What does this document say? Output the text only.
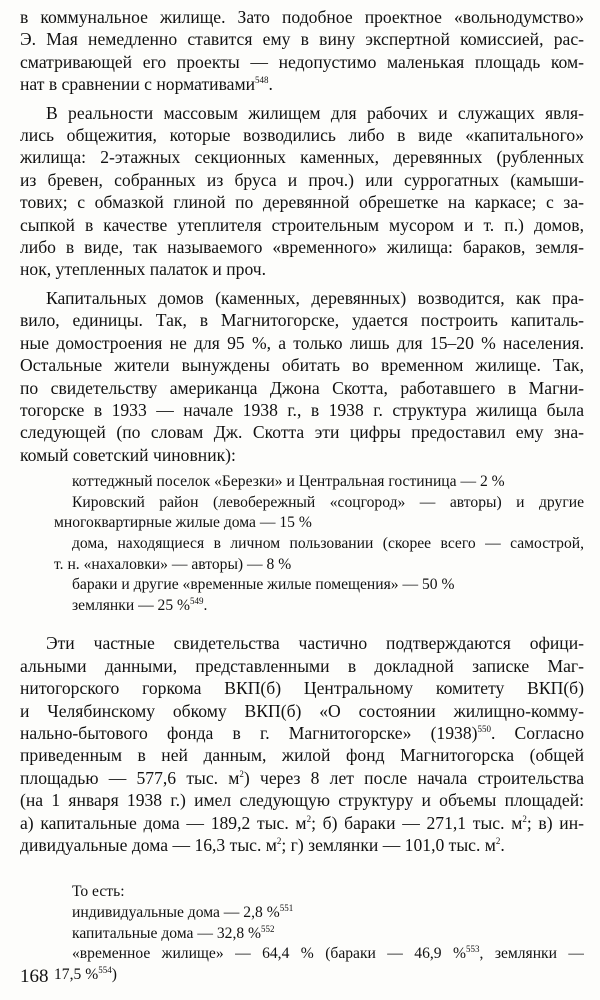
в коммунальное жилище. Зато подобное проектное «вольнодумство»
Э. Мая немедленно ставится ему в вину экспертной комиссией, рас-
сматривающей его проекты — недопустимо маленькая площадь ком-
нат в сравнении с нормативами$^{548}$.
В реальности массовым жилищем для рабочих и служащих явля-
лись общежития, которые возводились либо в виде «капитального»
жилища: 2-этажных секционных каменных, деревянных (рубленных
из бревен, собранных из бруса и проч.) или суррогатных (камыши-
тових; с обмазкой глиной по деревянной обрешетке на каркасе; с за-
сыпкой в качестве утеплителя строительным мусором и т. п.) домов,
либо в виде, так называемого «временного» жилища: бараков, земля-
нок, утепленных палаток и проч.
Капитальных домов (каменных, деревянных) возводится, как пра-
вило, единицы. Так, в Магнитогорске, удается построить капиталь-
ные домостроения не для 95 %, а только лишь для 15–20 % населения.
Остальные жители вынуждены обитать во временном жилище. Так,
по свидетельству американца Джона Скотта, работавшего в Магни-
тогорске в 1933 — начале 1938 г., в 1938 г. структура жилища была
следующей (по словам Дж. Скотта эти цифры предоставил ему зна-
комый советский чиновник):
коттеджный поселок «Березки» и Центральная гостиница — 2 %
Кировский район (левобережный «соцгород» — авторы) и другие
многоквартирные жилые дома — 15 %
дома, находящиеся в личном пользовании (скорее всего — самострой,
т. н. «нахаловки» — авторы) — 8 %
бараки и другие «временные жилые помещения» — 50 %
землянки — 25 %$^{549}$.
Эти частные свидетельства частично подтверждаются офици-
альными данными, представленными в докладной записке Маг-
нитогорского горкома ВКП(б) Центральному комитету ВКП(б)
и Челябинскому обкому ВКП(б) «О состоянии жилищно-комму-
нально-бытового фонда в г. Магнитогорске» $(1938)^{550}$. Согласно
приведенным в ней данным, жилой фонд Магнитогорска (общей
площадью — 577,6 тыс. $м^2$) через 8 лет после начала строительства
(на 1 января 1938 г.) имел следующую структуру и объемы площадей:
а) капитальные дома — 189,2 тыс. $м^2$; б) бараки — 271,1 тыс. $м^2$; в) ин-
дивидуальные дома — 16,3 тыс. $м^2$; г) землянки — 101,0 тыс. $м^2$.
То есть:
индивидуальные дома — 2,8 %$^{551}$
капитальные дома — 32,8 %$^{552}$
«временное жилище» — 64,4 % (бараки — 46,9 %$^{553}$, землянки —
17,5 %$^{554}$)
168
